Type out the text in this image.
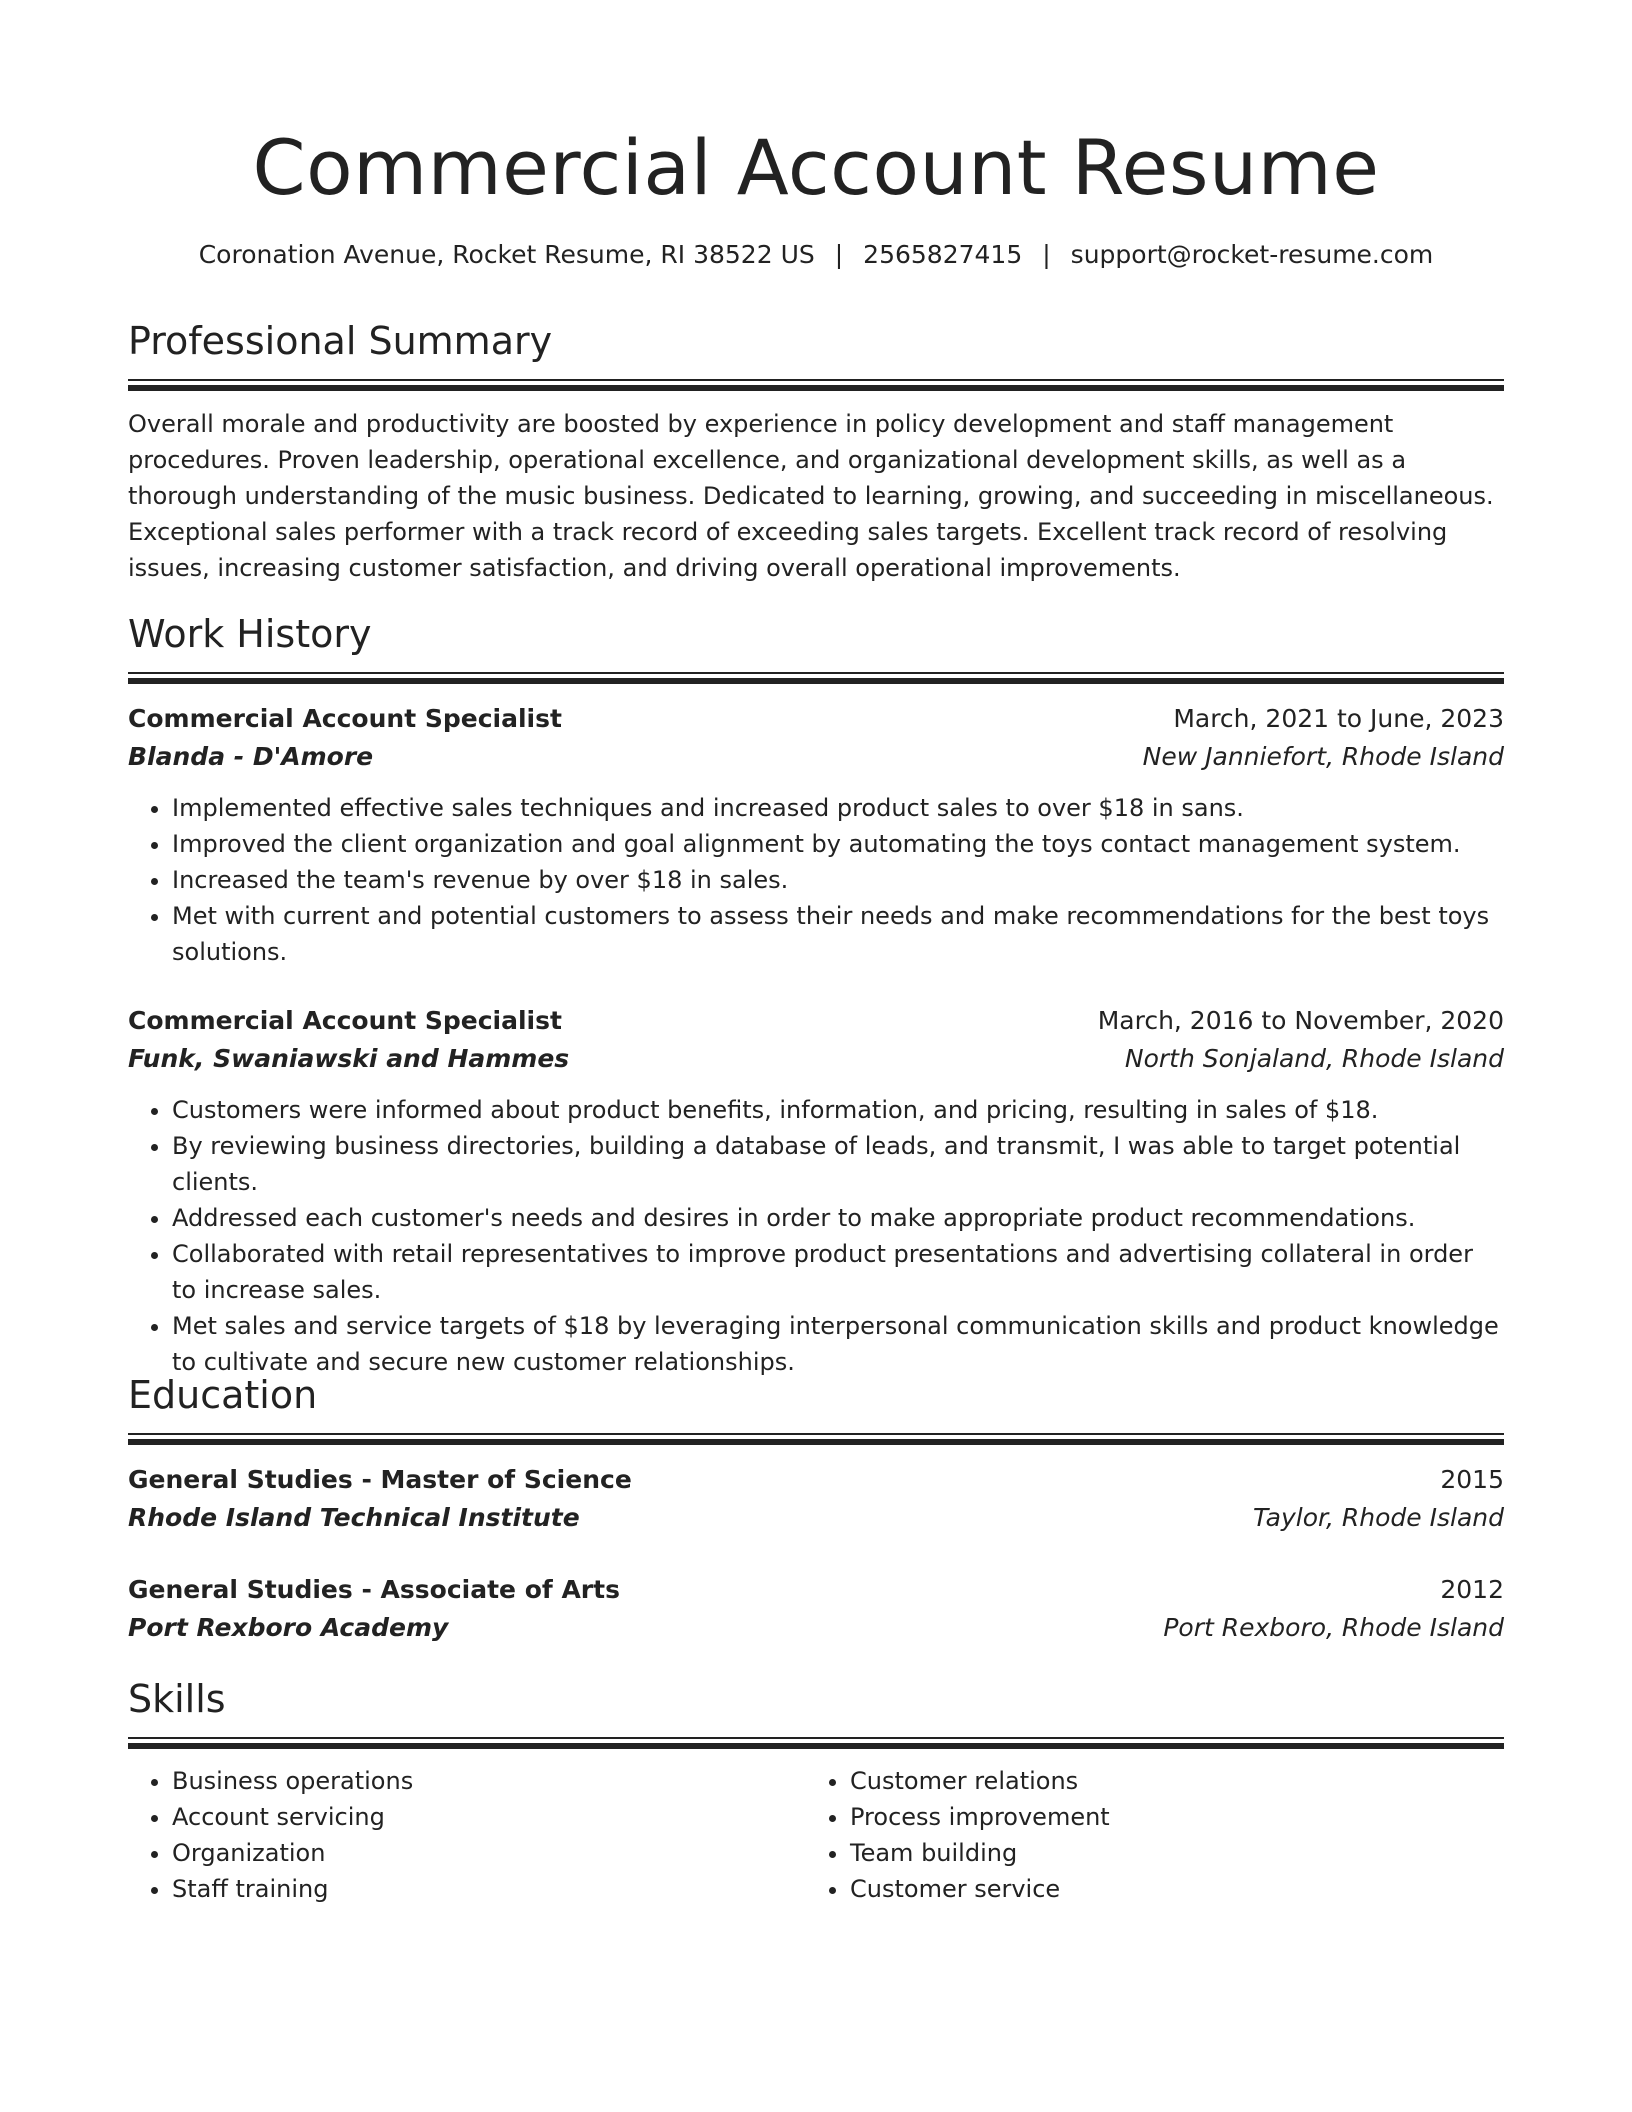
Commercial Account Resume
Coronation Avenue, Rocket Resume, RI 38522 US | 2565827415 | support@rocket-resume.com
Professional Summary
Overall morale and productivity are boosted by experience in policy development and staff management procedures. Proven leadership, operational excellence, and organizational development skills, as well as a thorough understanding of the music business. Dedicated to learning, growing, and succeeding in miscellaneous. Exceptional sales performer with a track record of exceeding sales targets. Excellent track record of resolving issues, increasing customer satisfaction, and driving overall operational improvements.
Work History
Commercial Account Specialist	March, 2021 to June, 2023
Blanda - D'Amore	New Janniefort, Rhode Island
• Implemented effective sales techniques and increased product sales to over $18 in sans.
• Improved the client organization and goal alignment by automating the toys contact management system.
• Increased the team's revenue by over $18 in sales.
• Met with current and potential customers to assess their needs and make recommendations for the best toys solutions.
Commercial Account Specialist	March, 2016 to November, 2020
Funk, Swaniawski and Hammes	North Sonjaland, Rhode Island
• Customers were informed about product benefits, information, and pricing, resulting in sales of $18.
• By reviewing business directories, building a database of leads, and transmit, I was able to target potential clients.
• Addressed each customer's needs and desires in order to make appropriate product recommendations.
• Collaborated with retail representatives to improve product presentations and advertising collateral in order to increase sales.
• Met sales and service targets of $18 by leveraging interpersonal communication skills and product knowledge to cultivate and secure new customer relationships.
Education
General Studies - Master of Science	2015
Rhode Island Technical Institute	Taylor, Rhode Island
General Studies - Associate of Arts	2012
Port Rexboro Academy	Port Rexboro, Rhode Island
Skills
• Business operations
• Account servicing
• Organization
• Staff training
• Customer relations
• Process improvement
• Team building
• Customer service
